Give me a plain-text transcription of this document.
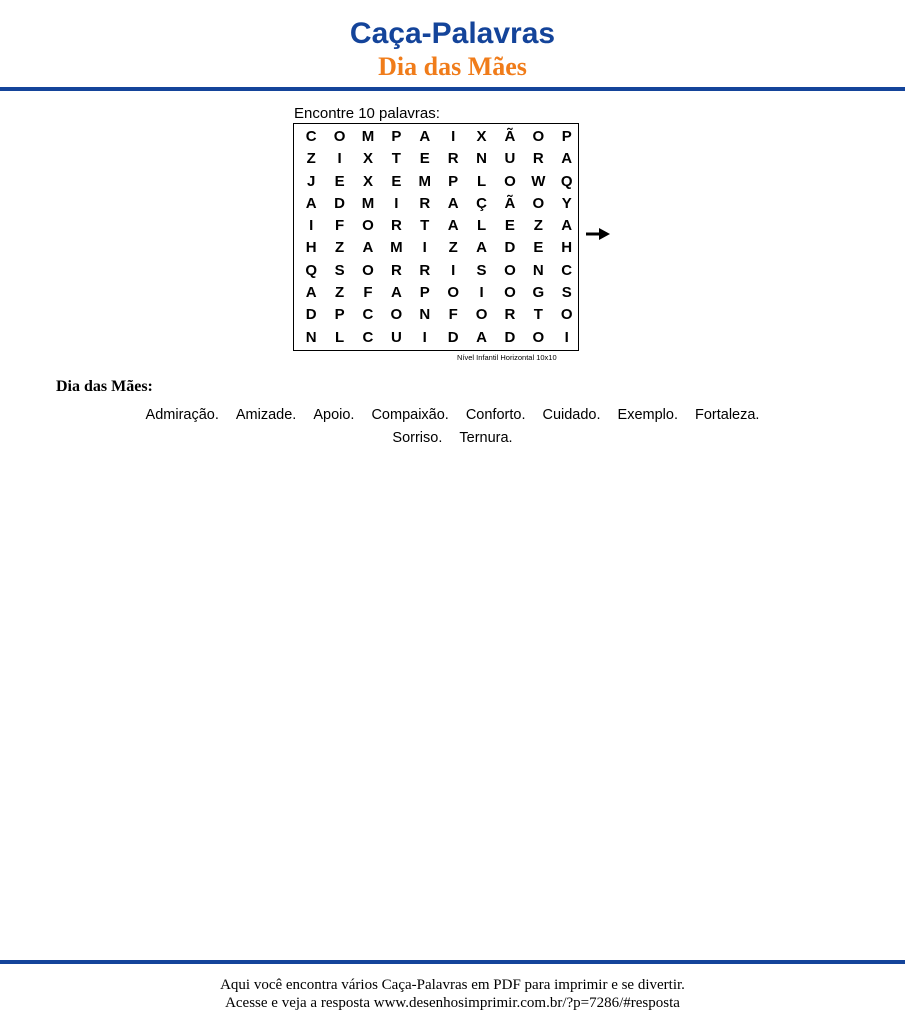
Caça-Palavras
Dia das Mães
Encontre 10 palavras:
C	O	M	P	A	I	X	Ã	O	P
Z	I	X	T	E	R	N	U	R	A
J	E	X	E	M	P	L	O	W	Q
A	D	M	I	R	A	Ç	Ã	O	Y
I	F	O	R	T	A	L	E	Z	A
H	Z	A	M	I	Z	A	D	E	H
Q	S	O	R	R	I	S	O	N	C
A	Z	F	A	P	O	I	O	G	S
D	P	C	O	N	F	O	R	T	O
N	L	C	U	I	D	A	D	O	I
Nível Infantil Horizontal 10x10
Dia das Mães:
Admiração. Amizade. Apoio. Compaixão. Conforto. Cuidado. Exemplo. Fortaleza.
Sorriso. Ternura.
Aqui você encontra vários Caça-Palavras em PDF para imprimir e se divertir.
Acesse e veja a resposta www.desenhosimprimir.com.br/?p=7286/#resposta
